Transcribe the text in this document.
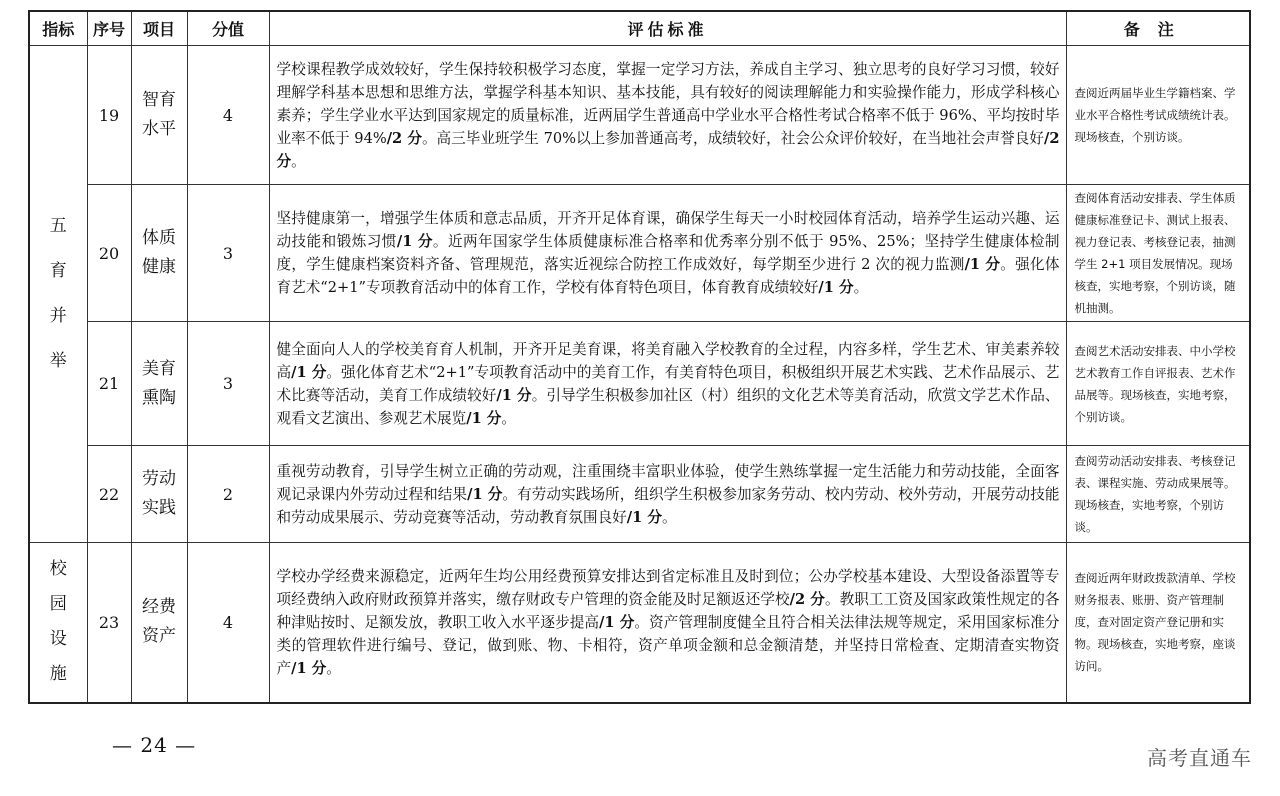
指标	序号	项目	分值	评估标准	备注
五育并举	19	智育水平	4	学校课程教学成效较好，学生保持较积极学习态度，掌握一定学习方法，养成自主学习、独立思考的良好学习习惯，较好理解学科基本思想和思维方法，掌握学科基本知识、基本技能，具有较好的阅读理解能力和实验操作能力，形成学科核心素养；学生学业水平达到国家规定的质量标准，近两届学生普通高中学业水平合格性考试合格率不低于 96%、平均按时毕业率不低于 94%/2 分。高三毕业班学生 70%以上参加普通高考，成绩较好，社会公众评价较好，在当地社会声誉良好/2 分。	查阅近两届毕业生学籍档案、学业水平合格性考试成绩统计表。现场核查，个别访谈。
	20	体质健康	3	坚持健康第一，增强学生体质和意志品质，开齐开足体育课，确保学生每天一小时校园体育活动，培养学生运动兴趣、运动技能和锻炼习惯/1 分。近两年国家学生体质健康标准合格率和优秀率分别不低于 95%、25%；坚持学生健康体检制度，学生健康档案资料齐备、管理规范，落实近视综合防控工作成效好，每学期至少进行 2 次的视力监测/1 分。强化体育艺术“2+1”专项教育活动中的体育工作，学校有体育特色项目，体育教育成绩较好/1 分。	查阅体育活动安排表、学生体质健康标准登记卡、测试上报表、视力登记表、考核登记表，抽测学生 2+1 项目发展情况。现场核查，实地考察，个别访谈，随机抽测。
	21	美育熏陶	3	健全面向人人的学校美育育人机制，开齐开足美育课，将美育融入学校教育的全过程，内容多样，学生艺术、审美素养较高/1 分。强化体育艺术“2+1”专项教育活动中的美育工作，有美育特色项目，积极组织开展艺术实践、艺术作品展示、艺术比赛等活动，美育工作成绩较好/1 分。引导学生积极参加社区（村）组织的文化艺术等美育活动，欣赏文学艺术作品、观看文艺演出、参观艺术展览/1 分。	查阅艺术活动安排表、中小学校艺术教育工作自评报表、艺术作品展等。现场核查，实地考察，个别访谈。
	22	劳动实践	2	重视劳动教育，引导学生树立正确的劳动观，注重围绕丰富职业体验，使学生熟练掌握一定生活能力和劳动技能，全面客观记录课内外劳动过程和结果/1 分。有劳动实践场所，组织学生积极参加家务劳动、校内劳动、校外劳动，开展劳动技能和劳动成果展示、劳动竞赛等活动，劳动教育氛围良好/1 分。	查阅劳动活动安排表、考核登记表、课程实施、劳动成果展等。现场核查，实地考察，个别访谈。
校园设施	23	经费资产	4	学校办学经费来源稳定，近两年生均公用经费预算安排达到省定标准且及时到位；公办学校基本建设、大型设备添置等专项经费纳入政府财政预算并落实，缴存财政专户管理的资金能及时足额返还学校/2 分。教职工工资及国家政策性规定的各种津贴按时、足额发放，教职工收入水平逐步提高/1 分。资产管理制度健全且符合相关法律法规等规定，采用国家标准分类的管理软件进行编号、登记，做到账、物、卡相符，资产单项金额和总金额清楚，并坚持日常检查、定期清查实物资产/1 分。	查阅近两年财政拨款清单、学校财务报表、账册、资产管理制度，查对固定资产登记册和实物。现场核查，实地考察，座谈访问。
— 24 —
高考直通车
